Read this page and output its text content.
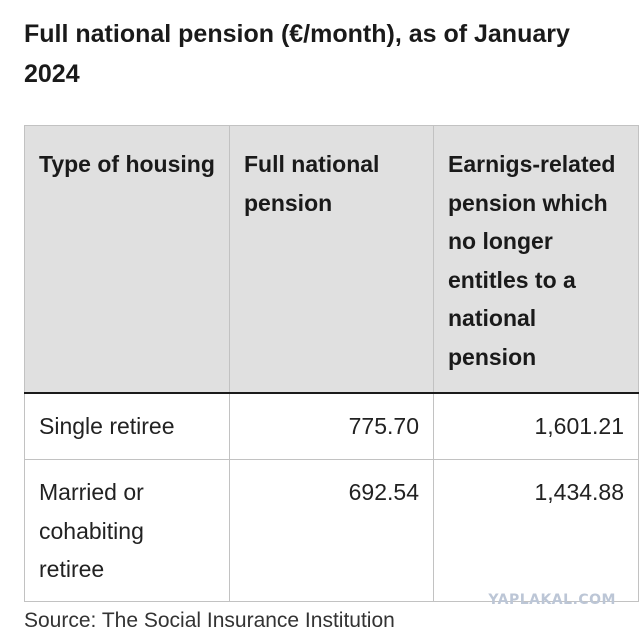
Full national pension (€/month), as of January 2024
Type of housing	Full national pension	Earnigs-related pension which no longer entitles to a national pension
Single retiree	775.70	1,601.21
Married or cohabiting retiree	692.54	1,434.88

Source: The Social Insurance Institution

YAPLAKAL.COM
